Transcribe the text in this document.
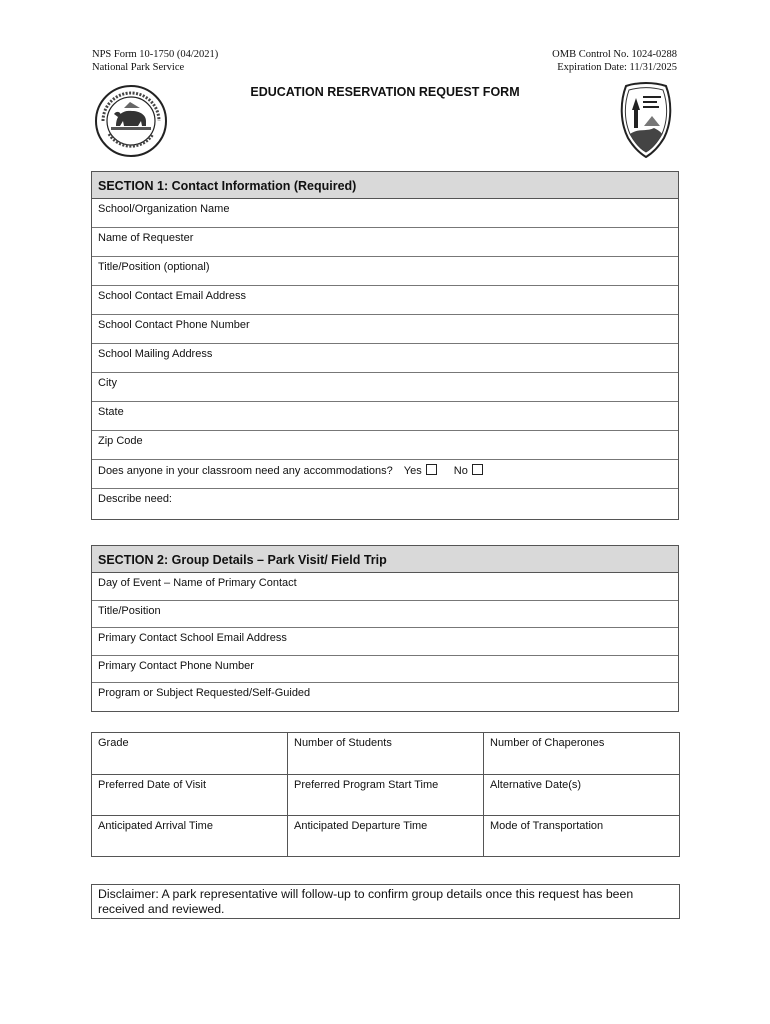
NPS Form 10-1750 (04/2021)
National Park Service
OMB Control No. 1024-0288
Expiration Date: 11/31/2025
EDUCATION RESERVATION REQUEST FORM
SECTION 1: Contact Information (Required)
School/Organization Name
Name of Requester
Title/Position (optional)
School Contact Email Address
School Contact Phone Number
School Mailing Address
City
State
Zip Code
Does anyone in your classroom need any accommodations? Yes	No
Describe need:
SECTION 2: Group Details – Park Visit/ Field Trip
Day of Event – Name of Primary Contact
Title/Position
Primary Contact School Email Address
Primary Contact Phone Number
Program or Subject Requested/Self-Guided
Grade	Number of Students	Number of Chaperones
Preferred Date of Visit	Preferred Program Start Time	Alternative Date(s)
Anticipated Arrival Time	Anticipated Departure Time	Mode of Transportation
Disclaimer: A park representative will follow-up to confirm group details once this request has been received and reviewed.
